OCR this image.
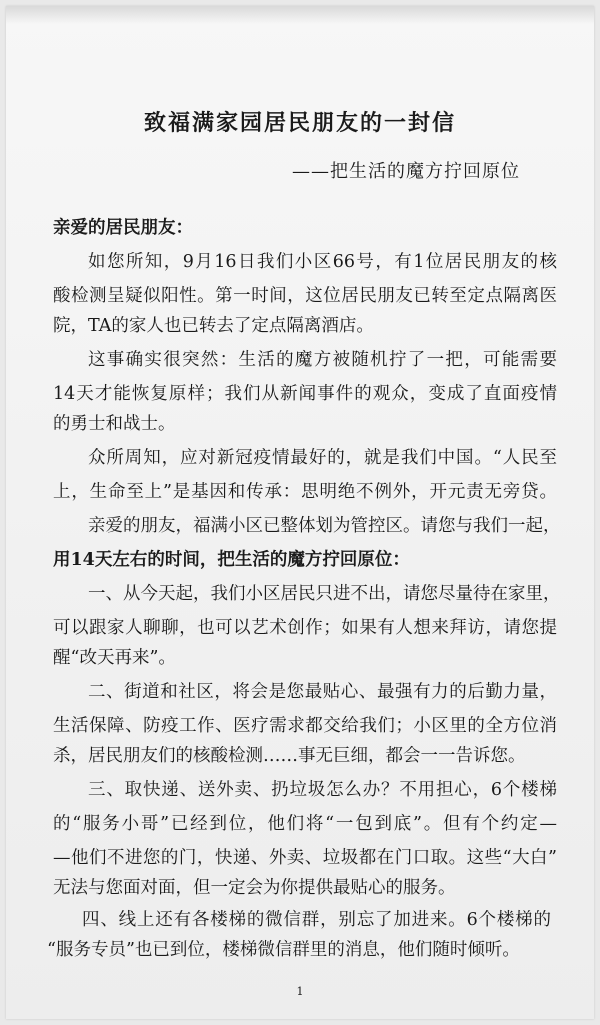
致福满家园居民朋友的一封信

——把生活的魔方拧回原位

亲爱的居民朋友：

如您所知，9月16日我们小区66号，有1位居民朋友的核

酸检测呈疑似阳性。第一时间，这位居民朋友已转至定点隔离医

院，TA的家人也已转去了定点隔离酒店。

这事确实很突然：生活的魔方被随机拧了一把，可能需要

14天才能恢复原样；我们从新闻事件的观众，变成了直面疫情

的勇士和战士。

众所周知，应对新冠疫情最好的，就是我们中国。“人民至

上，生命至上”是基因和传承：思明绝不例外，开元责无旁贷。

亲爱的朋友，福满小区已整体划为管控区。请您与我们一起，

用14天左右的时间，把生活的魔方拧回原位：

一、从今天起，我们小区居民只进不出，请您尽量待在家里，

可以跟家人聊聊，也可以艺术创作；如果有人想来拜访，请您提

醒“改天再来”。

二、街道和社区，将会是您最贴心、最强有力的后勤力量，

生活保障、防疫工作、医疗需求都交给我们；小区里的全方位消

杀，居民朋友们的核酸检测……事无巨细，都会一一告诉您。

三、取快递、送外卖、扔垃圾怎么办？不用担心，6个楼梯

的“服务小哥”已经到位，他们将“一包到底”。但有个约定—

—他们不进您的门，快递、外卖、垃圾都在门口取。这些“大白”

无法与您面对面，但一定会为你提供最贴心的服务。

四、线上还有各楼梯的微信群，别忘了加进来。6个楼梯的

“服务专员”也已到位，楼梯微信群里的消息，他们随时倾听。

1
